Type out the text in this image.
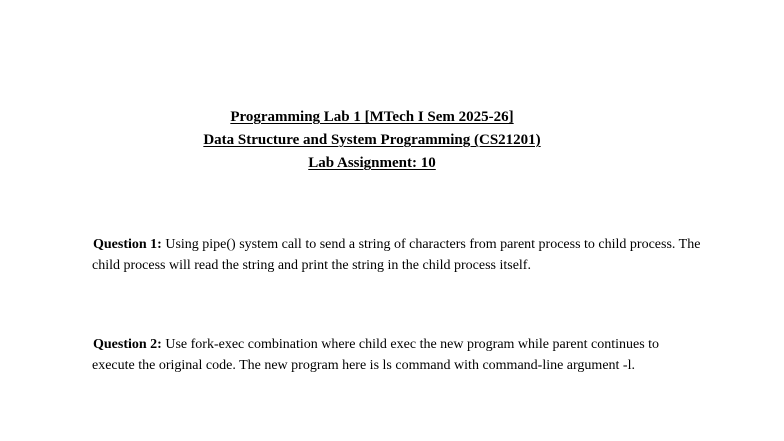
Programming Lab 1 [MTech I Sem 2025-26]
Data Structure and System Programming (CS21201)
Lab Assignment: 10
Question 1: Using pipe() system call to send a string of characters from parent process to child process. The child process will read the string and print the string in the child process itself.
Question 2: Use fork-exec combination where child exec the new program while parent continues to execute the original code. The new program here is ls command with command-line argument -l.
